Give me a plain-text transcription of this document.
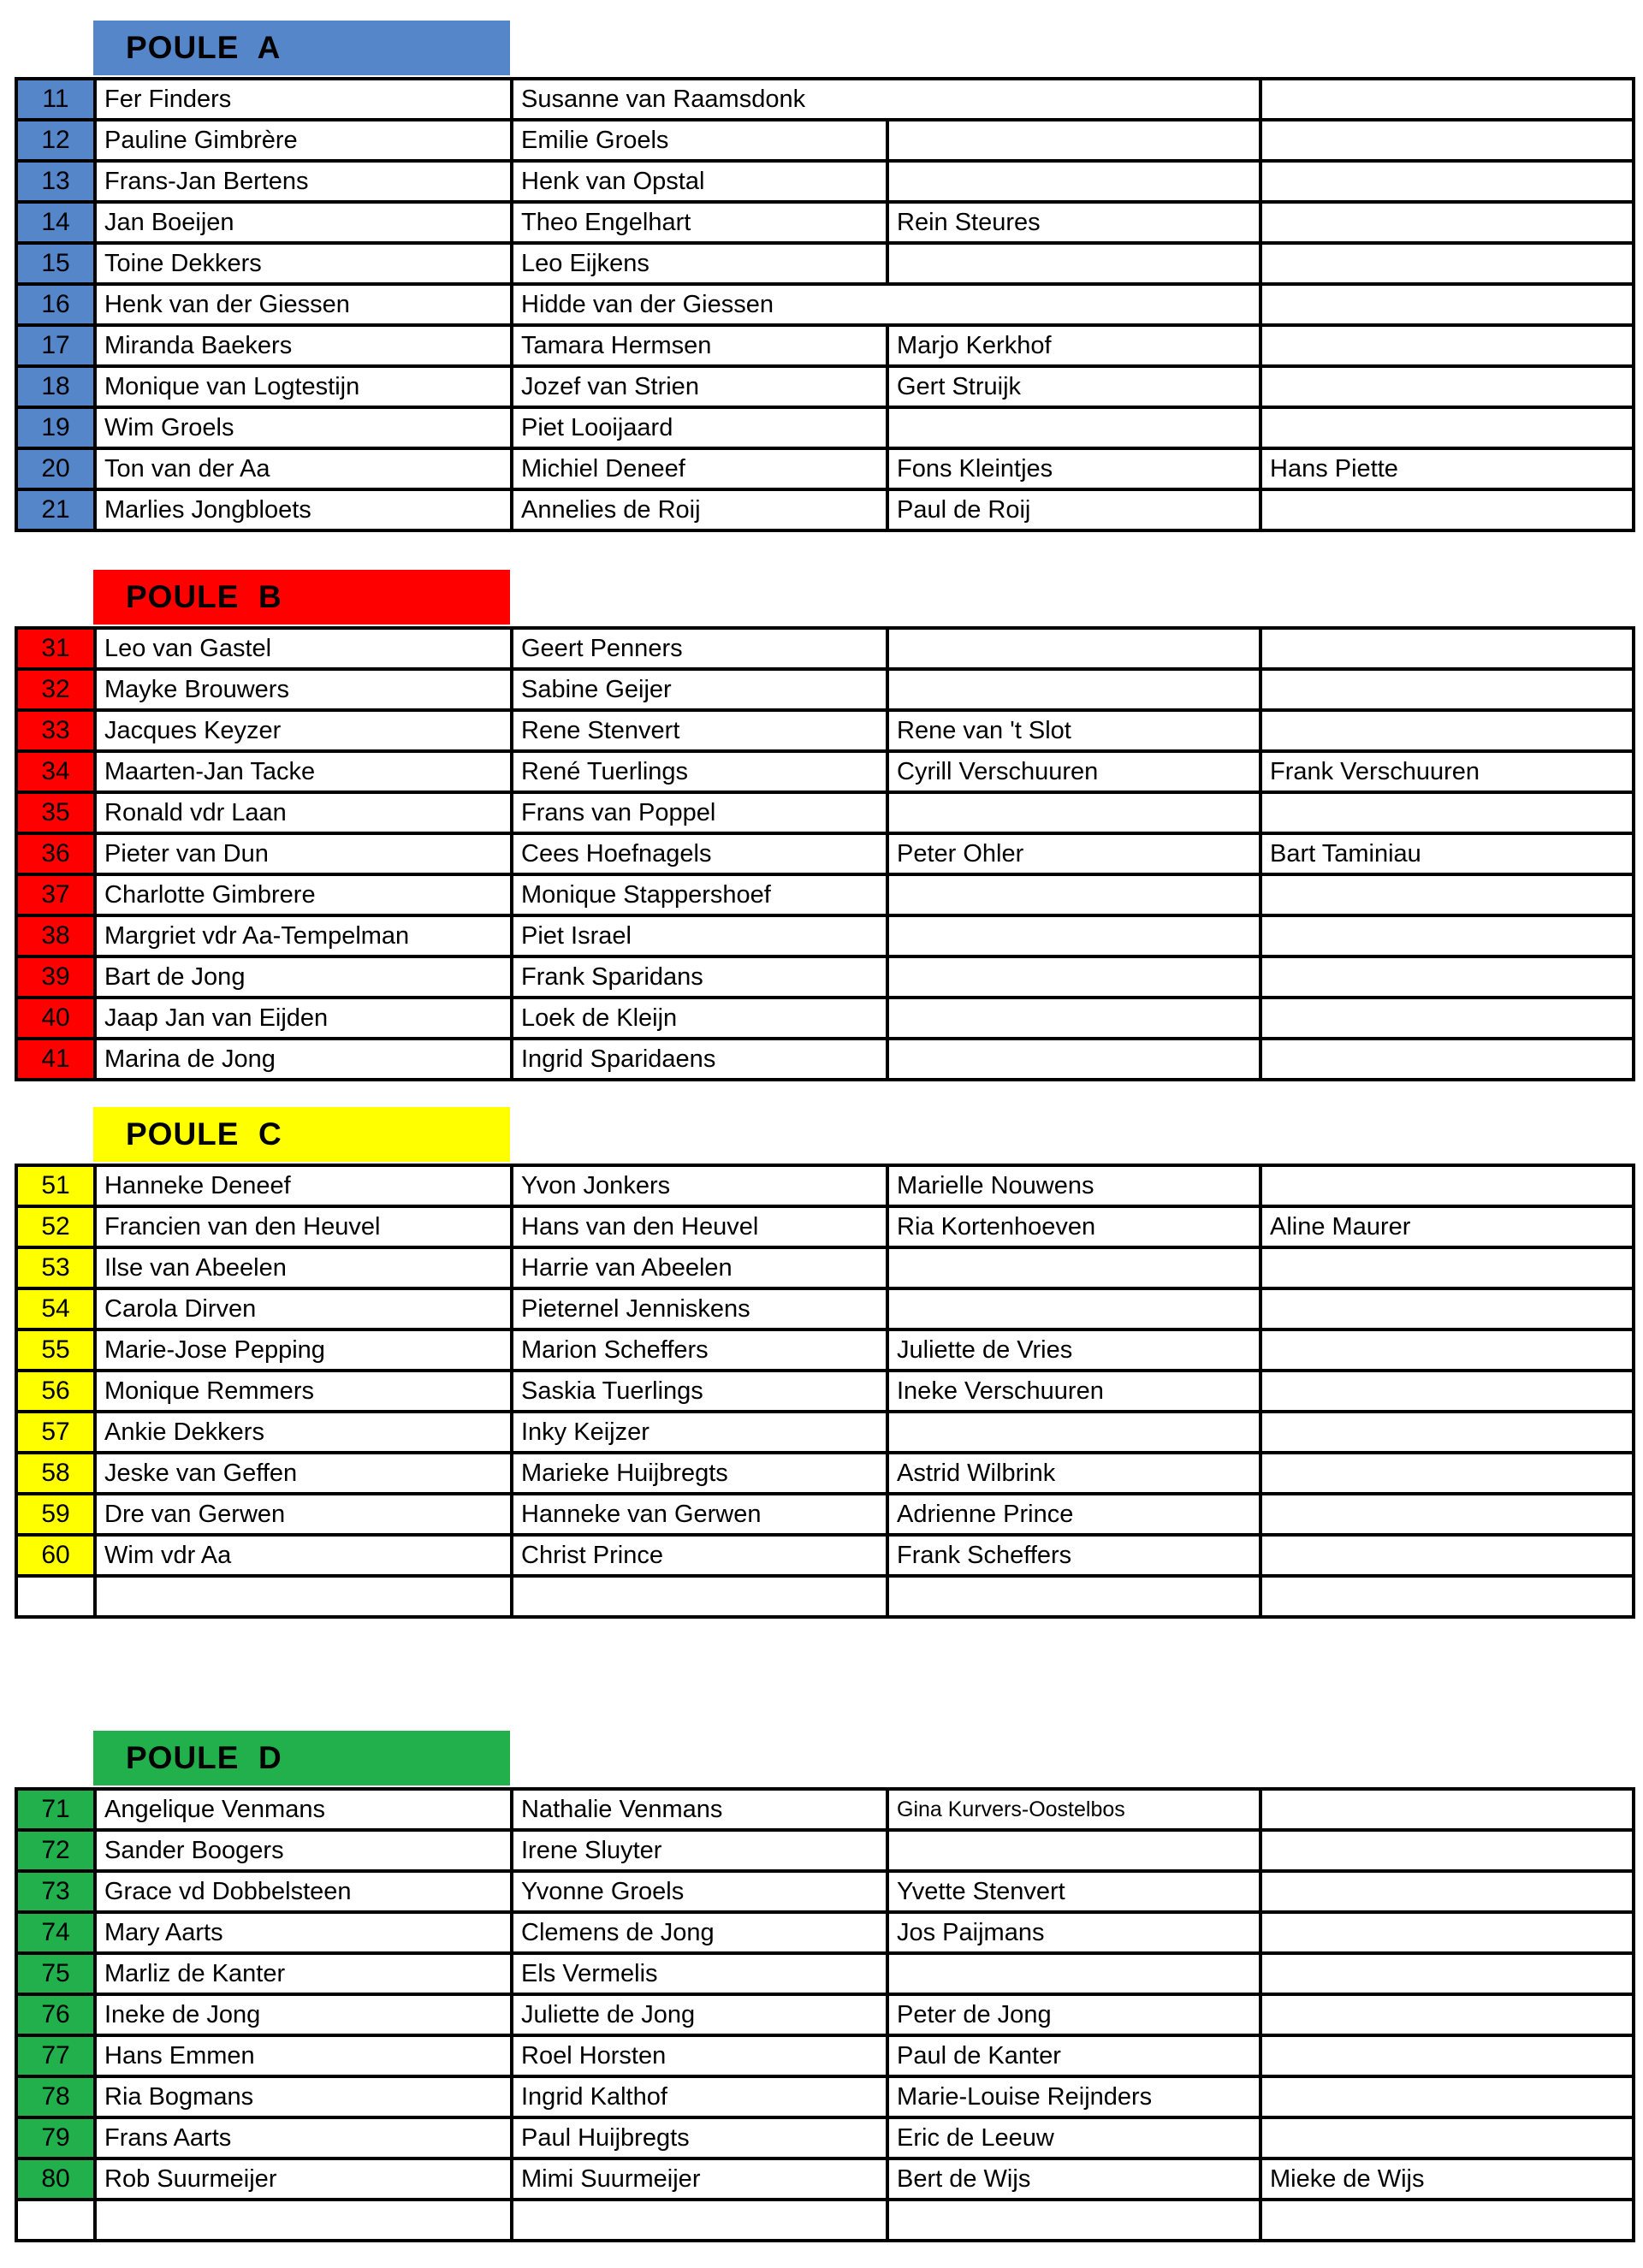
POULE  A
11	Fer Finders	Susanne van Raamsdonk		
12	Pauline Gimbrère	Emilie Groels		
13	Frans-Jan Bertens	Henk van Opstal		
14	Jan Boeijen	Theo Engelhart	Rein Steures	
15	Toine Dekkers	Leo Eijkens		
16	Henk van der Giessen	Hidde van der Giessen		
17	Miranda Baekers	Tamara Hermsen	Marjo Kerkhof	
18	Monique van Logtestijn	Jozef van Strien	Gert Struijk	
19	Wim Groels	Piet Looijaard		
20	Ton van der Aa	Michiel Deneef	Fons Kleintjes	Hans Piette
21	Marlies Jongbloets	Annelies de Roij	Paul de Roij	
POULE  B
31	Leo van Gastel	Geert Penners		
32	Mayke Brouwers	Sabine Geijer		
33	Jacques Keyzer	Rene Stenvert	Rene van 't Slot	
34	Maarten-Jan Tacke	René Tuerlings	Cyrill Verschuuren	Frank Verschuuren
35	Ronald vdr Laan	Frans van Poppel		
36	Pieter van Dun	Cees Hoefnagels	Peter Ohler	Bart Taminiau
37	Charlotte Gimbrere	Monique Stappershoef		
38	Margriet vdr Aa-Tempelman	Piet Israel		
39	Bart de Jong	Frank Sparidans		
40	Jaap Jan van Eijden	Loek de Kleijn		
41	Marina de Jong	Ingrid Sparidaens		
POULE  C
51	Hanneke Deneef	Yvon Jonkers	Marielle Nouwens	
52	Francien van den Heuvel	Hans van den Heuvel	Ria Kortenhoeven	Aline Maurer
53	Ilse van Abeelen	Harrie van Abeelen		
54	Carola Dirven	Pieternel Jenniskens		
55	Marie-Jose Pepping	Marion Scheffers	Juliette de Vries	
56	Monique Remmers	Saskia Tuerlings	Ineke Verschuuren	
57	Ankie Dekkers	Inky Keijzer		
58	Jeske van Geffen	Marieke Huijbregts	Astrid Wilbrink	
59	Dre van Gerwen	Hanneke van Gerwen	Adrienne Prince	
60	Wim vdr Aa	Christ Prince	Frank Scheffers	

POULE  D
71	Angelique Venmans	Nathalie Venmans	Gina Kurvers-Oostelbos	
72	Sander Boogers	Irene Sluyter		
73	Grace vd Dobbelsteen	Yvonne Groels	Yvette Stenvert	
74	Mary Aarts	Clemens de Jong	Jos Paijmans	
75	Marliz de Kanter	Els Vermelis		
76	Ineke de Jong	Juliette de Jong	Peter de Jong	
77	Hans Emmen	Roel Horsten	Paul de Kanter	
78	Ria Bogmans	Ingrid Kalthof	Marie-Louise Reijnders	
79	Frans Aarts	Paul Huijbregts	Eric de Leeuw	
80	Rob Suurmeijer	Mimi Suurmeijer	Bert de Wijs	Mieke de Wijs
